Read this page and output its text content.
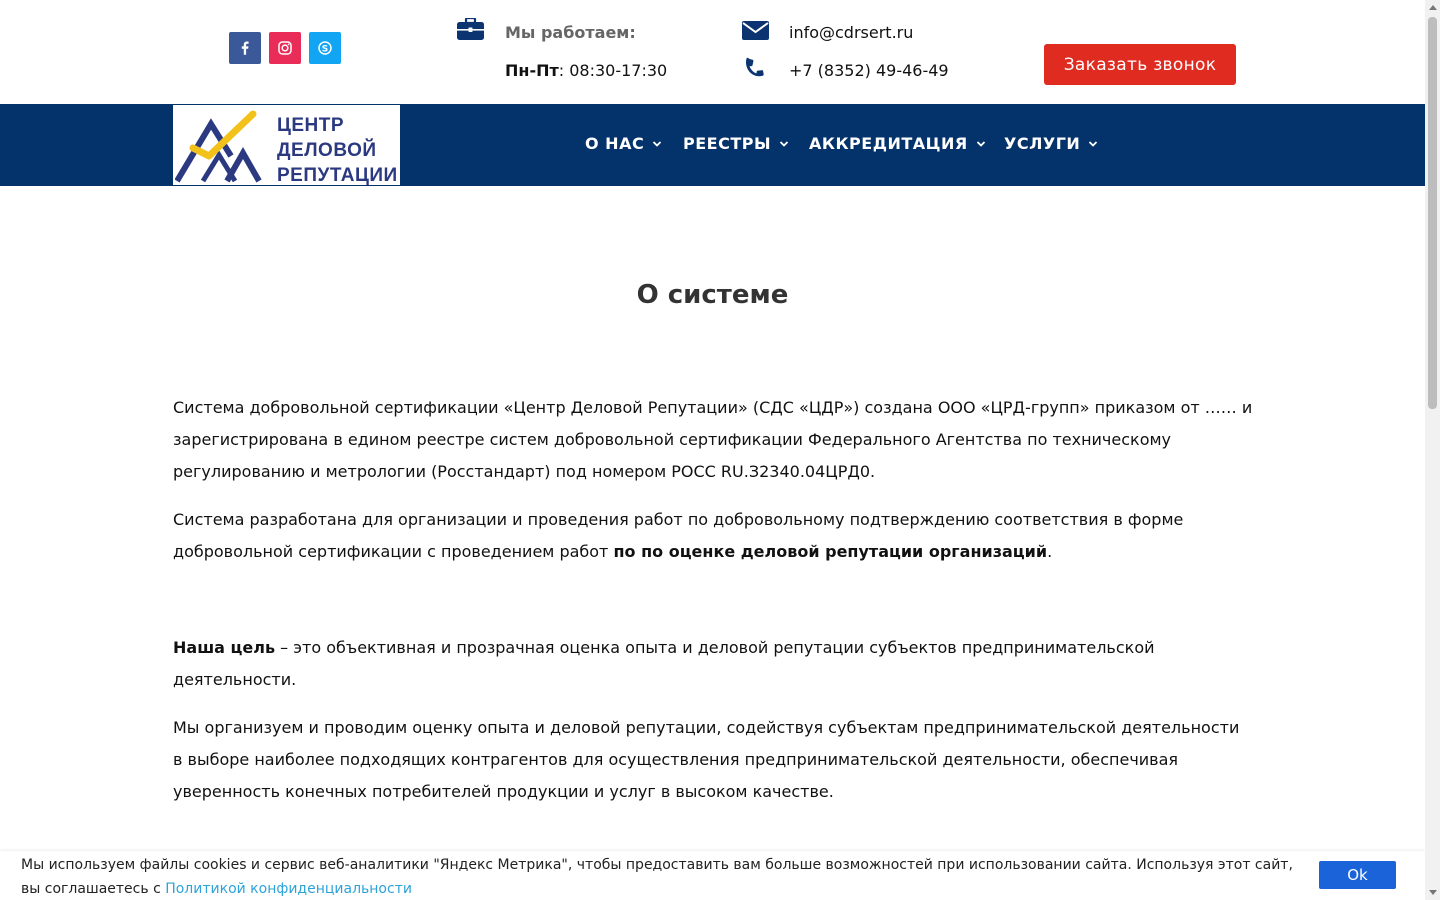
S
Мы работаем:
Пн-Пт: 08:30-17:30
info@cdrsert.ru
+7 (8352) 49-46-49	Заказать звонок
ЦЕНТР
ДЕЛОВОЙ
РЕПУТАЦИИ
О НАС РЕЕСТРЫ АККРЕДИТАЦИЯ УСЛУГИ
О системе

Система добровольной сертификации «Центр Деловой Репутации» (СДС «ЦДР») создана ООО «ЦРД-групп» приказом от …… и зарегистрирована в едином реестре систем добровольной сертификации Федерального Агентства по техническому регулированию и метрологии (Росстандарт) под номером РОСС RU.З2340.04ЦРД0.

Система разработана для организации и проведения работ по добровольному подтверждению соответствия в форме добровольной сертификации с проведением работ по по оценке деловой репутации организаций.

Наша цель – это объективная и прозрачная оценка опыта и деловой репутации субъектов предпринимательской деятельности.

Мы организуем и проводим оценку опыта и деловой репутации, содействуя субъектам предпринимательской деятельности в выборе наиболее подходящих контрагентов для осуществления предпринимательской деятельности, обеспечивая уверенность конечных потребителей продукции и услуг в высоком качестве.

Мы используем файлы cookies и сервис веб-аналитики "Яндекс Метрика", чтобы предоставить вам больше возможностей при использовании сайта. Используя этот сайт, вы соглашаетесь с Политикой конфиденциальности
Ok
